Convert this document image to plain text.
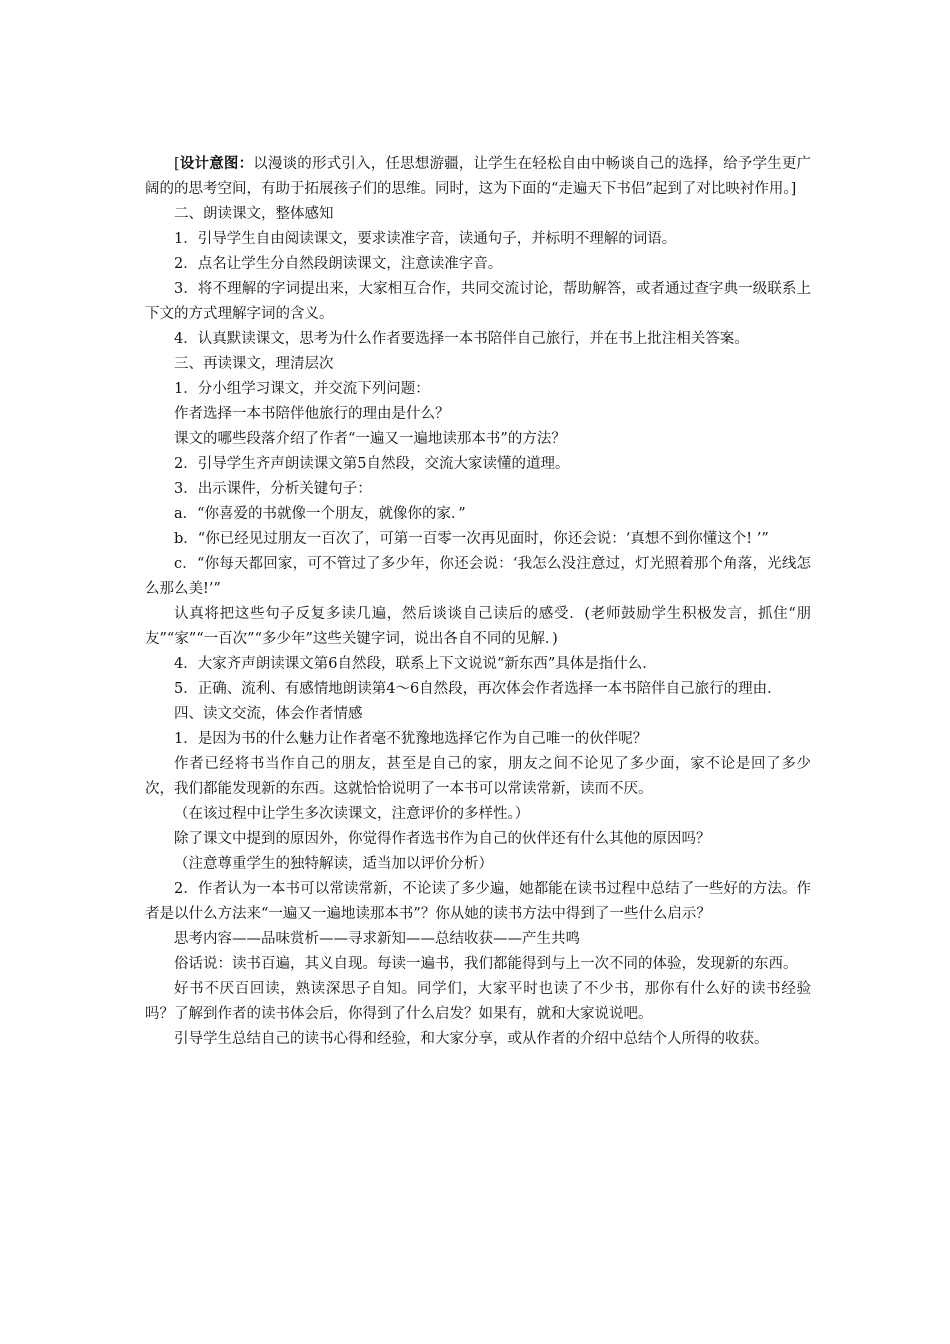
[设计意图：以漫谈的形式引入，任思想游疆，让学生在轻松自由中畅谈自己的选择，给予学生更广阔的的思考空间，有助于拓展孩子们的思维。同时，这为下面的“走遍天下书侣”起到了对比映衬作用。]

二、朗读课文，整体感知

1．引导学生自由阅读课文，要求读准字音，读通句子，并标明不理解的词语。

2．点名让学生分自然段朗读课文，注意读准字音。

3．将不理解的字词提出来，大家相互合作，共同交流讨论，帮助解答，或者通过查字典一级联系上下文的方式理解字词的含义。

4．认真默读课文，思考为什么作者要选择一本书陪伴自己旅行，并在书上批注相关答案。

三、再读课文，理清层次

1．分小组学习课文，并交流下列问题：

作者选择一本书陪伴他旅行的理由是什么？

课文的哪些段落介绍了作者“一遍又一遍地读那本书”的方法？

2．引导学生齐声朗读课文第5自然段，交流大家读懂的道理。

3．出示课件，分析关键句子：

a．“你喜爱的书就像一个朋友，就像你的家．”

b．“你已经见过朋友一百次了，可第一百零一次再见面时，你还会说：‘真想不到你懂这个! ’”

c．“你每天都回家，可不管过了多少年，你还会说：‘我怎么没注意过，灯光照着那个角落，光线怎么那么美!’”

认真将把这些句子反复多读几遍，然后谈谈自己读后的感受．(老师鼓励学生积极发言，抓住“朋友”“家”“一百次”“多少年”这些关键字词，说出各自不同的见解．)

4．大家齐声朗读课文第6自然段，联系上下文说说“新东西”具体是指什么．

5．正确、流利、有感情地朗读第4～6自然段，再次体会作者选择一本书陪伴自己旅行的理由．

四、读文交流，体会作者情感

1．是因为书的什么魅力让作者毫不犹豫地选择它作为自己唯一的伙伴呢？

作者已经将书当作自己的朋友，甚至是自己的家，朋友之间不论见了多少面，家不论是回了多少次，我们都能发现新的东西。这就恰恰说明了一本书可以常读常新，读而不厌。

（在该过程中让学生多次读课文，注意评价的多样性。）

除了课文中提到的原因外，你觉得作者选书作为自己的伙伴还有什么其他的原因吗？

（注意尊重学生的独特解读，适当加以评价分析）

2．作者认为一本书可以常读常新，不论读了多少遍，她都能在读书过程中总结了一些好的方法。作者是以什么方法来“一遍又一遍地读那本书”？你从她的读书方法中得到了一些什么启示？

思考内容——品味赏析——寻求新知——总结收获——产生共鸣

俗话说：读书百遍，其义自现。每读一遍书，我们都能得到与上一次不同的体验，发现新的东西。

好书不厌百回读，熟读深思子自知。同学们，大家平时也读了不少书，那你有什么好的读书经验吗？了解到作者的读书体会后，你得到了什么启发？如果有，就和大家说说吧。

引导学生总结自己的读书心得和经验，和大家分享，或从作者的介绍中总结个人所得的收获。
